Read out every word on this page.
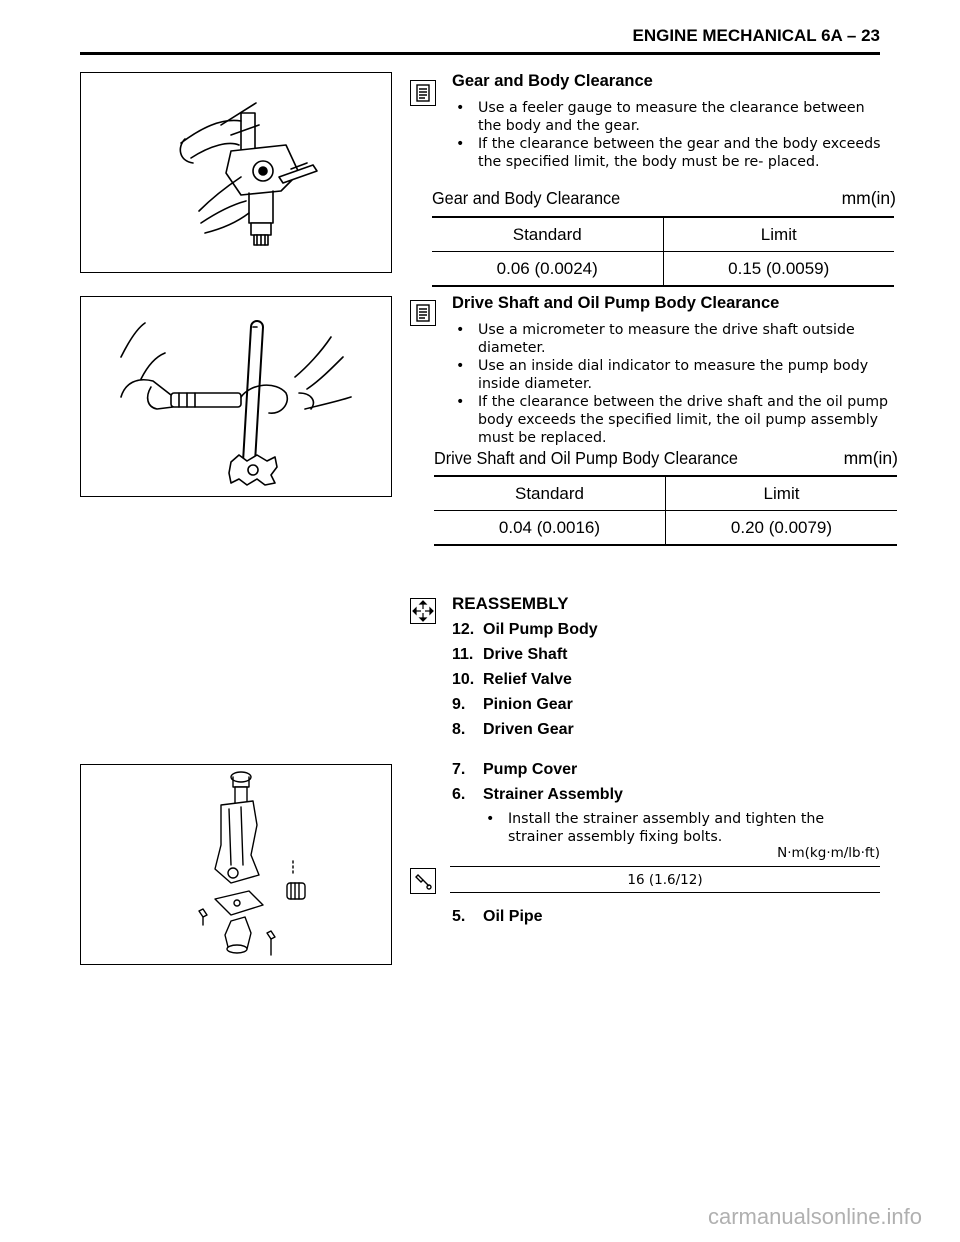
ENGINE MECHANICAL 6A – 23
Gear and Body Clearance
• Use a feeler gauge to measure the clearance between the body and the gear.
• If the clearance between the gear and the body exceeds the specified limit, the body must be re- placed.
Gear and Body Clearance	mm(in)
Standard	Limit
0.06 (0.0024)	0.15 (0.0059)
Drive Shaft and Oil Pump Body Clearance
• Use a micrometer to measure the drive shaft outside diameter.
• Use an inside dial indicator to measure the pump body inside diameter.
• If the clearance between the drive shaft and the oil pump body exceeds the specified limit, the oil pump assembly must be replaced.
Drive Shaft and Oil Pump Body Clearance	mm(in)
Standard	Limit
0.04 (0.0016)	0.20 (0.0079)
REASSEMBLY
12. Oil Pump Body
11. Drive Shaft
10. Relief Valve
9. Pinion Gear
8. Driven Gear
7. Pump Cover
6. Strainer Assembly
• Install the strainer assembly and tighten the strainer assembly fixing bolts.
N·m(kg·m/lb·ft)
16 (1.6/12)
5. Oil Pipe
carmanualsonline.info
